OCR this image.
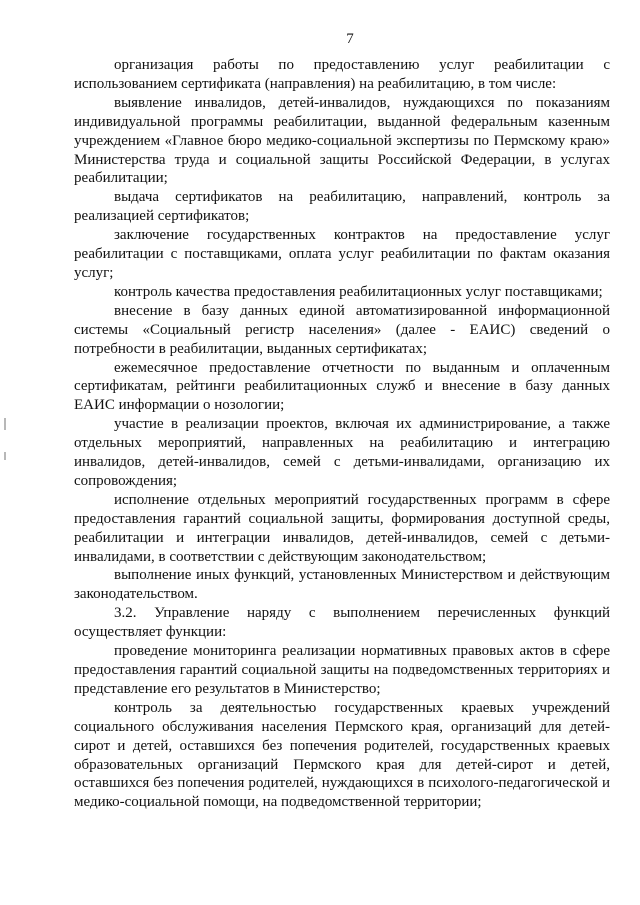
7

организация работы по предоставлению услуг реабилитации с использованием сертификата (направления) на реабилитацию, в том числе:

выявление инвалидов, детей-инвалидов, нуждающихся по показаниям индивидуальной программы реабилитации, выданной федеральным казенным учреждением «Главное бюро медико-социальной экспертизы по Пермскому краю» Министерства труда и социальной защиты Российской Федерации, в услугах реабилитации;

выдача сертификатов на реабилитацию, направлений, контроль за реализацией сертификатов;

заключение государственных контрактов на предоставление услуг реабилитации с поставщиками, оплата услуг реабилитации по фактам оказания услуг;

контроль качества предоставления реабилитационных услуг поставщиками;

внесение в базу данных единой автоматизированной информационной системы «Социальный регистр населения» (далее - ЕАИС) сведений о потребности в реабилитации, выданных сертификатах;

ежемесячное предоставление отчетности по выданным и оплаченным сертификатам, рейтинги реабилитационных служб и внесение в базу данных ЕАИС информации о нозологии;

участие в реализации проектов, включая их администрирование, а также отдельных мероприятий, направленных на реабилитацию и интеграцию инвалидов, детей-инвалидов, семей с детьми-инвалидами, организацию их сопровождения;

исполнение отдельных мероприятий государственных программ в сфере предоставления гарантий социальной защиты, формирования доступной среды, реабилитации и интеграции инвалидов, детей-инвалидов, семей с детьми-инвалидами, в соответствии с действующим законодательством;

выполнение иных функций, установленных Министерством и действующим законодательством.

3.2. Управление наряду с выполнением перечисленных функций осуществляет функции:

проведение мониторинга реализации нормативных правовых актов в сфере предоставления гарантий социальной защиты на подведомственных территориях и представление его результатов в Министерство;

контроль за деятельностью государственных краевых учреждений социального обслуживания населения Пермского края, организаций для детей-сирот и детей, оставшихся без попечения родителей, государственных краевых образовательных организаций Пермского края для детей-сирот и детей, оставшихся без попечения родителей, нуждающихся в психолого-педагогической и медико-социальной помощи, на подведомственной территории;
